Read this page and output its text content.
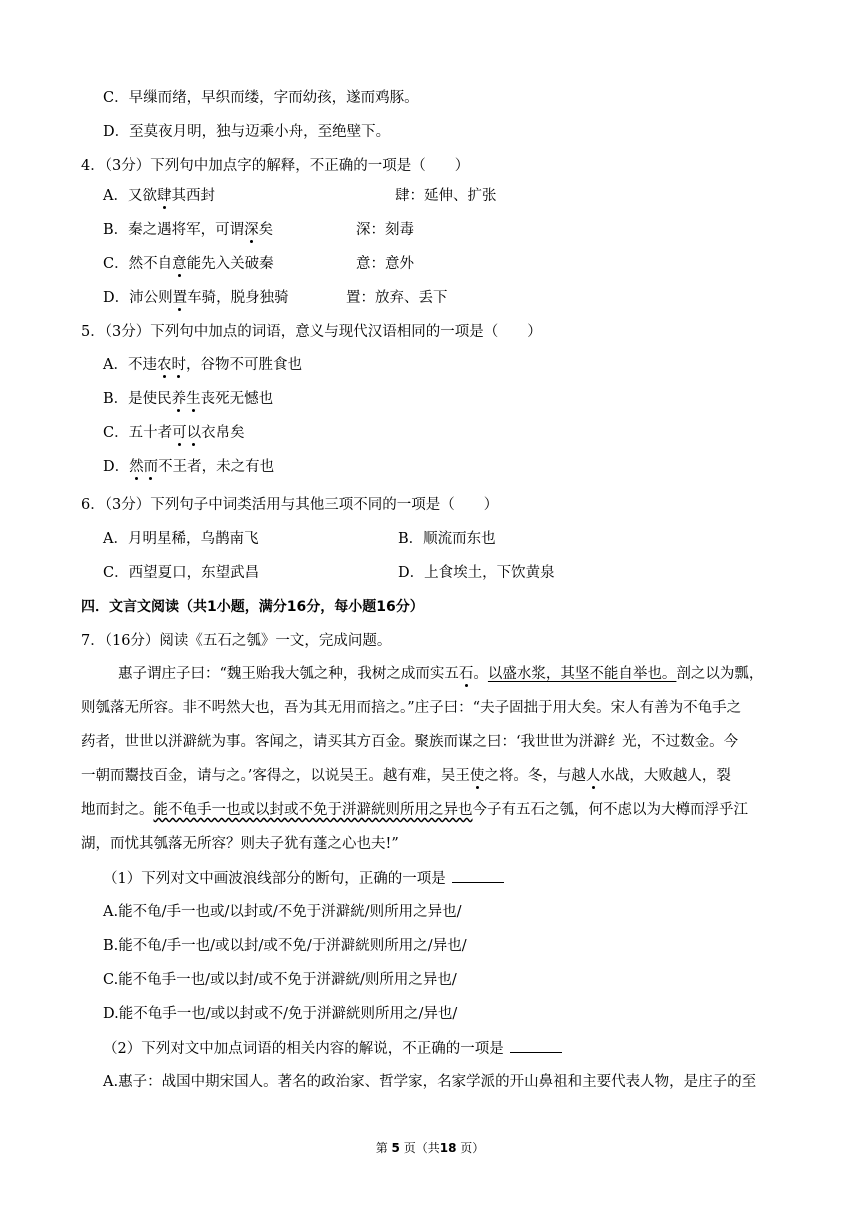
C．早缫而绪，早织而缕，字而幼孩，遂而鸡豚。
D．至莫夜月明，独与迈乘小舟，至绝壁下。
4．（3分）下列句中加点字的解释，不正确的一项是（　　）
A．又欲肆其西封	肆：延伸、扩张
B．秦之遇将军，可谓深矣	深：刻毒
C．然不自意能先入关破秦	意：意外
D．沛公则置车骑，脱身独骑	置：放弃、丢下
5．（3分）下列句中加点的词语，意义与现代汉语相同的一项是（　　）
A．不违农时，谷物不可胜食也
B．是使民养生丧死无憾也
C．五十者可以衣帛矣
D．然而不王者，未之有也
6．（3分）下列句子中词类活用与其他三项不同的一项是（　　）
A．月明星稀，乌鹊南飞	B．顺流而东也
C．西望夏口，东望武昌	D．上食埃土，下饮黄泉
四．文言文阅读（共1小题，满分16分，每小题16分）
7．（16分）阅读《五石之瓠》一文，完成问题。
惠子谓庄子曰：“魏王贻我大瓠之种，我树之成而实五石。以盛水浆，其坚不能自举也。剖之以为瓢，
则瓠落无所容。非不呺然大也，吾为其无用而掊之。”庄子曰：“夫子固拙于用大矣。宋人有善为不龟手之
药者，世世以洴澼絖为事。客闻之，请买其方百金。聚族而谋之曰：‘我世世为洴澼纟光，不过数金。今
一朝而鬻技百金，请与之。’客得之，以说吴王。越有难，吴王使之将。冬，与越人水战，大败越人，裂
地而封之。能不龟手一也或以封或不免于洴澼絖则所用之异也今子有五石之瓠，何不虑以为大樽而浮乎江
湖，而忧其瓠落无所容？则夫子犹有蓬之心也夫!”
（1）下列对文中画波浪线部分的断句，正确的一项是
A.能不龟/手一也或/以封或/不免于洴澼絖/则所用之异也/
B.能不龟/手一也/或以封/或不免/于洴澼絖则所用之/异也/
C.能不龟手一也/或以封/或不免于洴澼絖/则所用之异也/
D.能不龟手一也/或以封或不/免于洴澼絖则所用之/异也/
（2）下列对文中加点词语的相关内容的解说，不正确的一项是
A.惠子：战国中期宋国人。著名的政治家、哲学家，名家学派的开山鼻祖和主要代表人物，是庄子的至
第 5 页（共18 页）
